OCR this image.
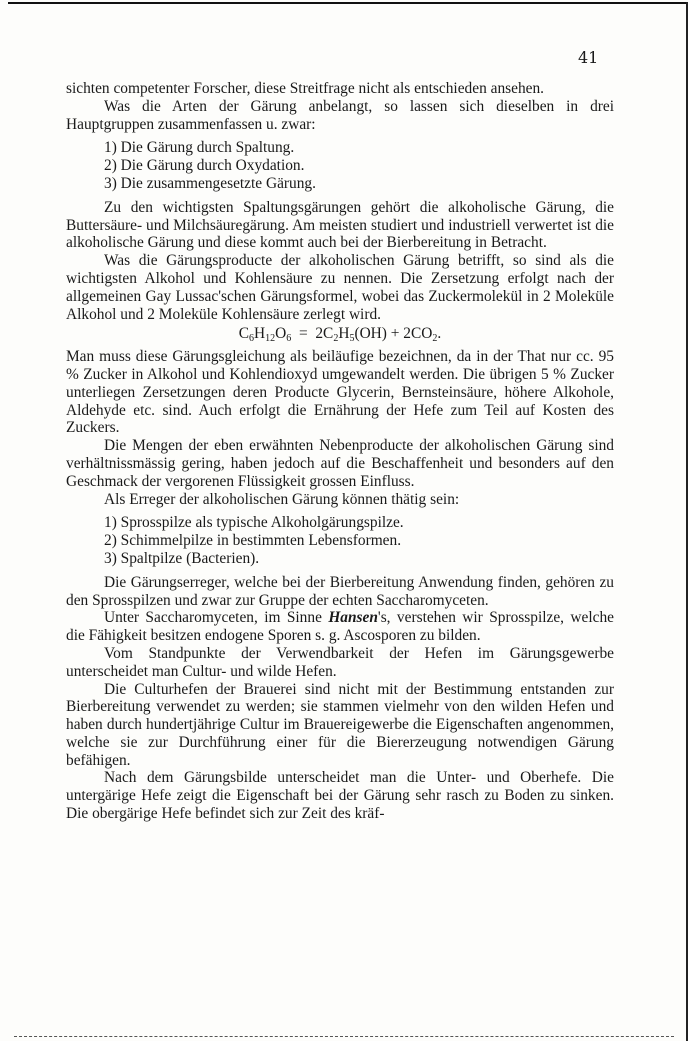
41

sichten competenter Forscher, diese Streitfrage nicht als entschieden ansehen.

Was die Arten der Gärung anbelangt, so lassen sich dieselben in drei Hauptgruppen zusammenfassen u. zwar:

1) Die Gärung durch Spaltung.
2) Die Gärung durch Oxydation.
3) Die zusammengesetzte Gärung.

Zu den wichtigsten Spaltungsgärungen gehört die alkoholische Gärung, die Buttersäure- und Milchsäuregärung. Am meisten studiert und industriell verwertet ist die alkoholische Gärung und diese kommt auch bei der Bierbereitung in Betracht.

Was die Gärungsproducte der alkoholischen Gärung betrifft, so sind als die wichtigsten Alkohol und Kohlensäure zu nennen. Die Zersetzung erfolgt nach der allgemeinen Gay Lussac'schen Gärungsformel, wobei das Zuckermolekül in 2 Moleküle Alkohol und 2 Moleküle Kohlensäure zerlegt wird.

$C_6H_{12}O_6 = 2C_2H_5(OH) + 2CO_2$.

Man muss diese Gärungsgleichung als beiläufige bezeichnen, da in der That nur cc. 95 % Zucker in Alkohol und Kohlendioxyd umgewandelt werden. Die übrigen 5 % Zucker unterliegen Zersetzungen deren Producte Glycerin, Bernsteinsäure, höhere Alkohole, Aldehyde etc. sind. Auch erfolgt die Ernährung der Hefe zum Teil auf Kosten des Zuckers.

Die Mengen der eben erwähnten Nebenproducte der alkoholischen Gärung sind verhältnissmässig gering, haben jedoch auf die Beschaffenheit und besonders auf den Geschmack der vergorenen Flüssigkeit grossen Einfluss.

Als Erreger der alkoholischen Gärung können thätig sein:

1) Sprosspilze als typische Alkoholgärungspilze.
2) Schimmelpilze in bestimmten Lebensformen.
3) Spaltpilze (Bacterien).

Die Gärungserreger, welche bei der Bierbereitung Anwendung finden, gehören zu den Sprosspilzen und zwar zur Gruppe der echten Saccharomyceten.

Unter Saccharomyceten, im Sinne Hansen's, verstehen wir Sprosspilze, welche die Fähigkeit besitzen endogene Sporen s. g. Ascosporen zu bilden.

Vom Standpunkte der Verwendbarkeit der Hefen im Gärungsgewerbe unterscheidet man Cultur- und wilde Hefen.

Die Culturhefen der Brauerei sind nicht mit der Bestimmung entstanden zur Bierbereitung verwendet zu werden; sie stammen vielmehr von den wilden Hefen und haben durch hundertjährige Cultur im Brauereigewerbe die Eigenschaften angenommen, welche sie zur Durchführung einer für die Biererzeugung notwendigen Gärung befähigen.

Nach dem Gärungsbilde unterscheidet man die Unter- und Oberhefe. Die untergärige Hefe zeigt die Eigenschaft bei der Gärung sehr rasch zu Boden zu sinken. Die obergärige Hefe befindet sich zur Zeit des kräf-
